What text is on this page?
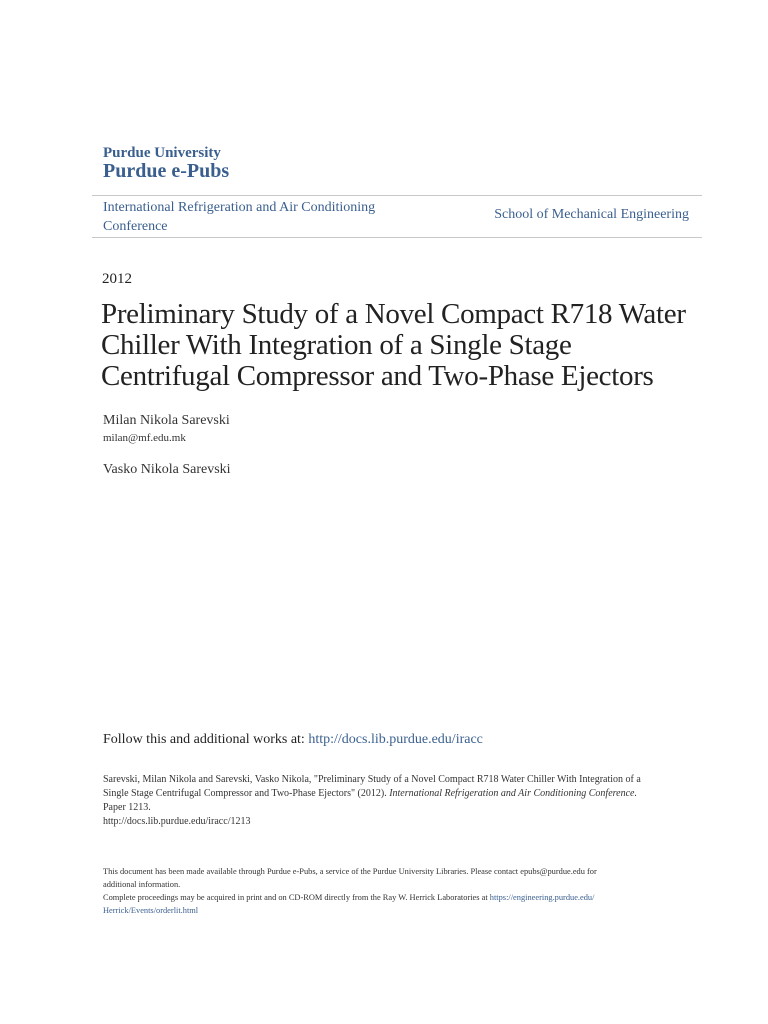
Purdue University
Purdue e-Pubs
International Refrigeration and Air Conditioning
Conference
School of Mechanical Engineering
2012
Preliminary Study of a Novel Compact R718 Water
Chiller With Integration of a Single Stage
Centrifugal Compressor and Two-Phase Ejectors
Milan Nikola Sarevski
milan@mf.edu.mk
Vasko Nikola Sarevski
Follow this and additional works at: http://docs.lib.purdue.edu/iracc

Sarevski, Milan Nikola and Sarevski, Vasko Nikola, "Preliminary Study of a Novel Compact R718 Water Chiller With Integration of a

Single Stage Centrifugal Compressor and Two-Phase Ejectors" (2012). International Refrigeration and Air Conditioning Conference.

Paper 1213.

http://docs.lib.purdue.edu/iracc/1213

This document has been made available through Purdue e-Pubs, a service of the Purdue University Libraries. Please contact epubs@purdue.edu for

additional information.

Complete proceedings may be acquired in print and on CD-ROM directly from the Ray W. Herrick Laboratories at https://engineering.purdue.edu/

Herrick/Events/orderlit.html
